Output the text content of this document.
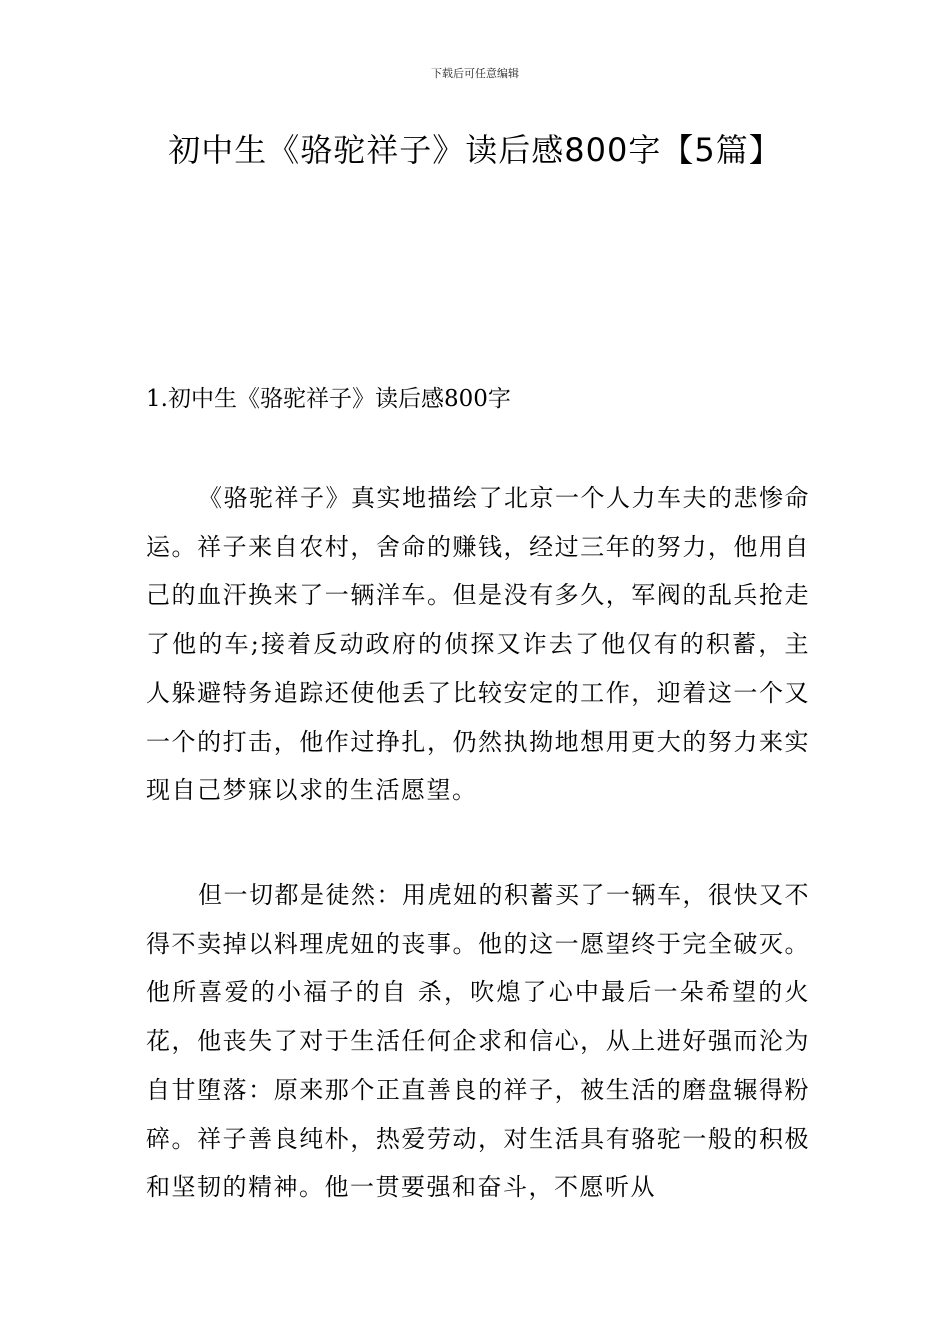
下载后可任意编辑
初中生《骆驼祥子》读后感800字【5篇】
1.初中生《骆驼祥子》读后感800字

《骆驼祥子》真实地描绘了北京一个人力车夫的悲惨命运。祥子来自农村，舍命的赚钱，经过三年的努力，他用自己的血汗换来了一辆洋车。但是没有多久，军阀的乱兵抢走了他的车;接着反动政府的侦探又诈去了他仅有的积蓄，主人躲避特务追踪还使他丢了比较安定的工作，迎着这一个又一个的打击，他作过挣扎，仍然执拗地想用更大的努力来实现自己梦寐以求的生活愿望。

但一切都是徒然：用虎妞的积蓄买了一辆车，很快又不得不卖掉以料理虎妞的丧事。他的这一愿望终于完全破灭。他所喜爱的小福子的自 杀，吹熄了心中最后一朵希望的火花，他丧失了对于生活任何企求和信心，从上进好强而沦为自甘堕落：原来那个正直善良的祥子，被生活的磨盘辗得粉碎。祥子善良纯朴，热爱劳动，对生活具有骆驼一般的积极和坚韧的精神。他一贯要强和奋斗，不愿听从
